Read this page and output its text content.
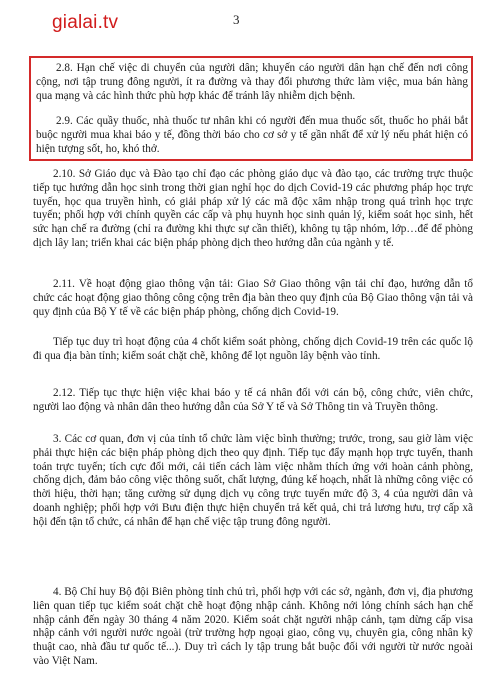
gialai.tv	3

2.8. Hạn chế việc di chuyển của người dân; khuyến cáo người dân hạn chế đến nơi công cộng, nơi tập trung đông người, ít ra đường và thay đổi phương thức làm việc, mua bán hàng qua mạng và các hình thức phù hợp khác để tránh lây nhiễm dịch bệnh.

2.9. Các quầy thuốc, nhà thuốc tư nhân khi có người đến mua thuốc sốt, thuốc ho phải bắt buộc người mua khai báo y tế, đồng thời báo cho cơ sở y tế gần nhất để xử lý nếu phát hiện có hiện tượng sốt, ho, khó thở.

2.10. Sở Giáo dục và Đào tạo chỉ đạo các phòng giáo dục và đào tạo, các trường trực thuộc tiếp tục hướng dẫn học sinh trong thời gian nghỉ học do dịch Covid-19 các phương pháp học trực tuyến, học qua truyền hình, có giải pháp xử lý các mã độc xâm nhập trong quá trình học trực tuyến; phối hợp với chính quyền các cấp và phụ huynh học sinh quản lý, kiểm soát học sinh, hết sức hạn chế ra đường (chỉ ra đường khi thực sự cần thiết), không tụ tập nhóm, lớp…để để phòng dịch lây lan; triển khai các biện pháp phòng dịch theo hướng dẫn của ngành y tế.

2.11. Về hoạt động giao thông vận tải: Giao Sở Giao thông vận tải chỉ đạo, hướng dẫn tổ chức các hoạt động giao thông công cộng trên địa bàn theo quy định của Bộ Giao thông vận tải và quy định của Bộ Y tế về các biện pháp phòng, chống dịch Covid-19.

Tiếp tục duy trì hoạt động của 4 chốt kiểm soát phòng, chống dịch Covid-19 trên các quốc lộ đi qua địa bàn tỉnh; kiểm soát chặt chẽ, không để lọt nguồn lây bệnh vào tỉnh.

2.12. Tiếp tục thực hiện việc khai báo y tế cá nhân đối với cán bộ, công chức, viên chức, người lao động và nhân dân theo hướng dẫn của Sở Y tế và Sở Thông tin và Truyền thông.

3. Các cơ quan, đơn vị của tỉnh tổ chức làm việc bình thường; trước, trong, sau giờ làm việc phải thực hiện các biện pháp phòng dịch theo quy định. Tiếp tục đẩy mạnh họp trực tuyến, thanh toán trực tuyến; tích cực đổi mới, cải tiến cách làm việc nhằm thích ứng với hoàn cảnh phòng, chống dịch, đảm bảo công việc thông suốt, chất lượng, đúng kế hoạch, nhất là những công việc có thời hiệu, thời hạn; tăng cường sử dụng dịch vụ công trực tuyến mức độ 3, 4 của người dân và doanh nghiệp; phối hợp với Bưu điện thực hiện chuyển trả kết quả, chi trả lương hưu, trợ cấp xã hội đến tận tổ chức, cá nhân để hạn chế việc tập trung đông người.

4. Bộ Chỉ huy Bộ đội Biên phòng tỉnh chủ trì, phối hợp với các sở, ngành, đơn vị, địa phương liên quan tiếp tục kiểm soát chặt chẽ hoạt động nhập cảnh. Không nới lỏng chính sách hạn chế nhập cảnh đến ngày 30 tháng 4 năm 2020. Kiểm soát chặt người nhập cảnh, tạm dừng cấp visa nhập cảnh với người nước ngoài (trừ trường hợp ngoại giao, công vụ, chuyên gia, công nhân kỹ thuật cao, nhà đầu tư quốc tế...). Duy trì cách ly tập trung bắt buộc đối với người từ nước ngoài vào Việt Nam.
